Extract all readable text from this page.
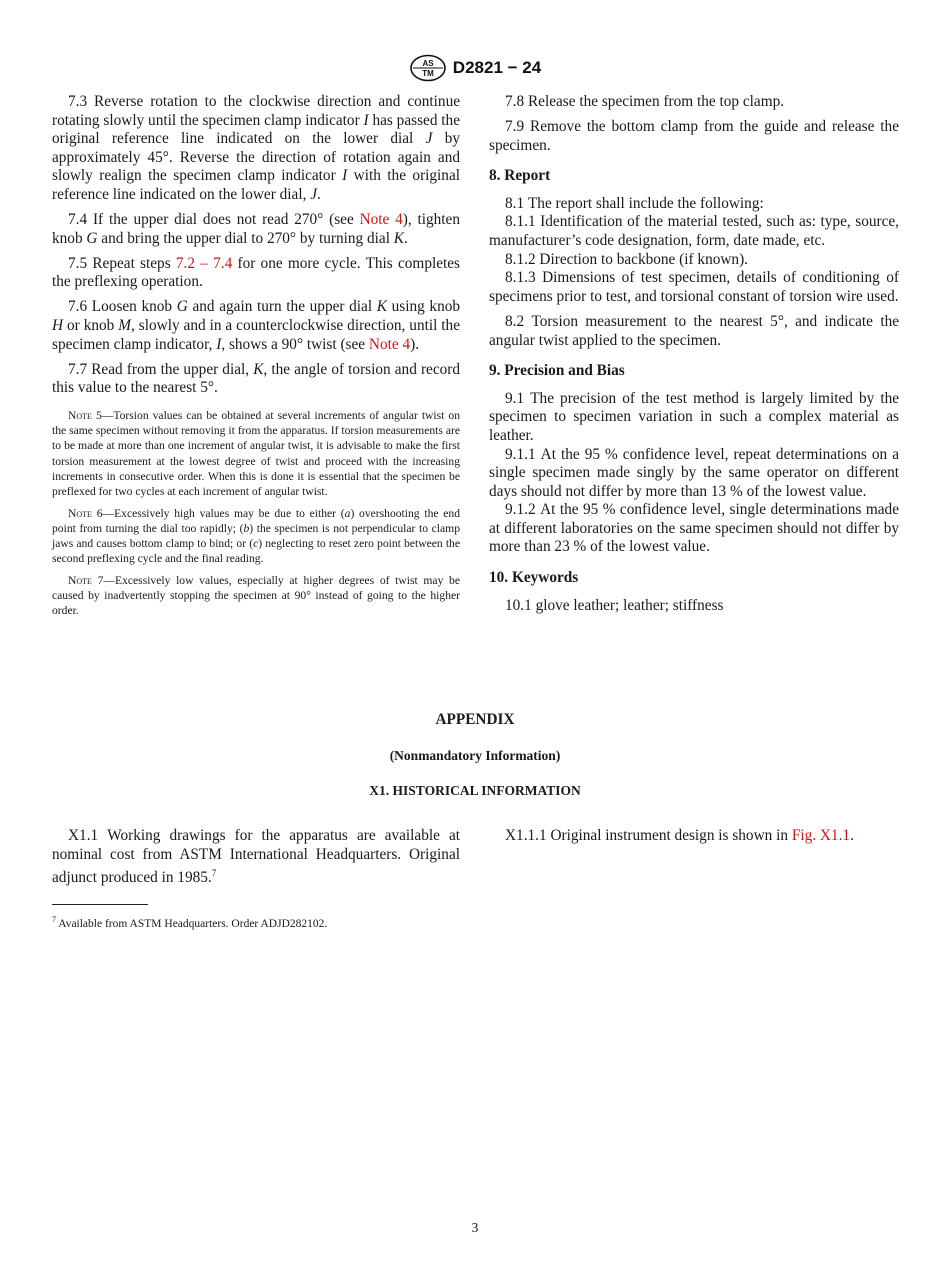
AS
TM D2821 − 24

7.3 Reverse rotation to the clockwise direction and continue rotating slowly until the specimen clamp indicator I has passed the original reference line indicated on the lower dial J by approximately 45°. Reverse the direction of rotation again and slowly realign the specimen clamp indicator I with the original reference line indicated on the lower dial, J.

7.4 If the upper dial does not read 270° (see Note 4), tighten knob G and bring the upper dial to 270° by turning dial K.

7.5 Repeat steps 7.2 – 7.4 for one more cycle. This completes the preflexing operation.

7.6 Loosen knob G and again turn the upper dial K using knob H or knob M, slowly and in a counterclockwise direction, until the specimen clamp indicator, I, shows a 90° twist (see Note 4).

7.7 Read from the upper dial, K, the angle of torsion and record this value to the nearest 5°.

Note 5—Torsion values can be obtained at several increments of angular twist on the same specimen without removing it from the apparatus. If torsion measurements are to be made at more than one increment of angular twist, it is advisable to make the first torsion measurement at the lowest degree of twist and proceed with the increasing increments in consecutive order. When this is done it is essential that the specimen be preflexed for two cycles at each increment of angular twist.

Note 6—Excessively high values may be due to either (a) overshooting the end point from turning the dial too rapidly; (b) the specimen is not perpendicular to clamp jaws and causes bottom clamp to bind; or (c) neglecting to reset zero point between the second preflexing cycle and the final reading.

Note 7—Excessively low values, especially at higher degrees of twist may be caused by inadvertently stopping the specimen at 90° instead of going to the higher order.

7.8 Release the specimen from the top clamp.

7.9 Remove the bottom clamp from the guide and release the specimen.

8. Report

8.1 The report shall include the following:

8.1.1 Identification of the material tested, such as: type, source, manufacturer’s code designation, form, date made, etc.

8.1.2 Direction to backbone (if known).

8.1.3 Dimensions of test specimen, details of conditioning of specimens prior to test, and torsional constant of torsion wire used.

8.2 Torsion measurement to the nearest 5°, and indicate the angular twist applied to the specimen.

9. Precision and Bias

9.1 The precision of the test method is largely limited by the specimen to specimen variation in such a complex material as leather.

9.1.1 At the 95 % confidence level, repeat determinations on a single specimen made singly by the same operator on different days should not differ by more than 13 % of the lowest value.

9.1.2 At the 95 % confidence level, single determinations made at different laboratories on the same specimen should not differ by more than 23 % of the lowest value.

10. Keywords

10.1 glove leather; leather; stiffness

APPENDIX
(Nonmandatory Information)
X1. HISTORICAL INFORMATION

X1.1 Working drawings for the apparatus are available at nominal cost from ASTM International Headquarters. Original adjunct produced in 1985.$^7$

X1.1.1 Original instrument design is shown in Fig. X1.1.

$^7$ Available from ASTM Headquarters. Order ADJD282102.
3
